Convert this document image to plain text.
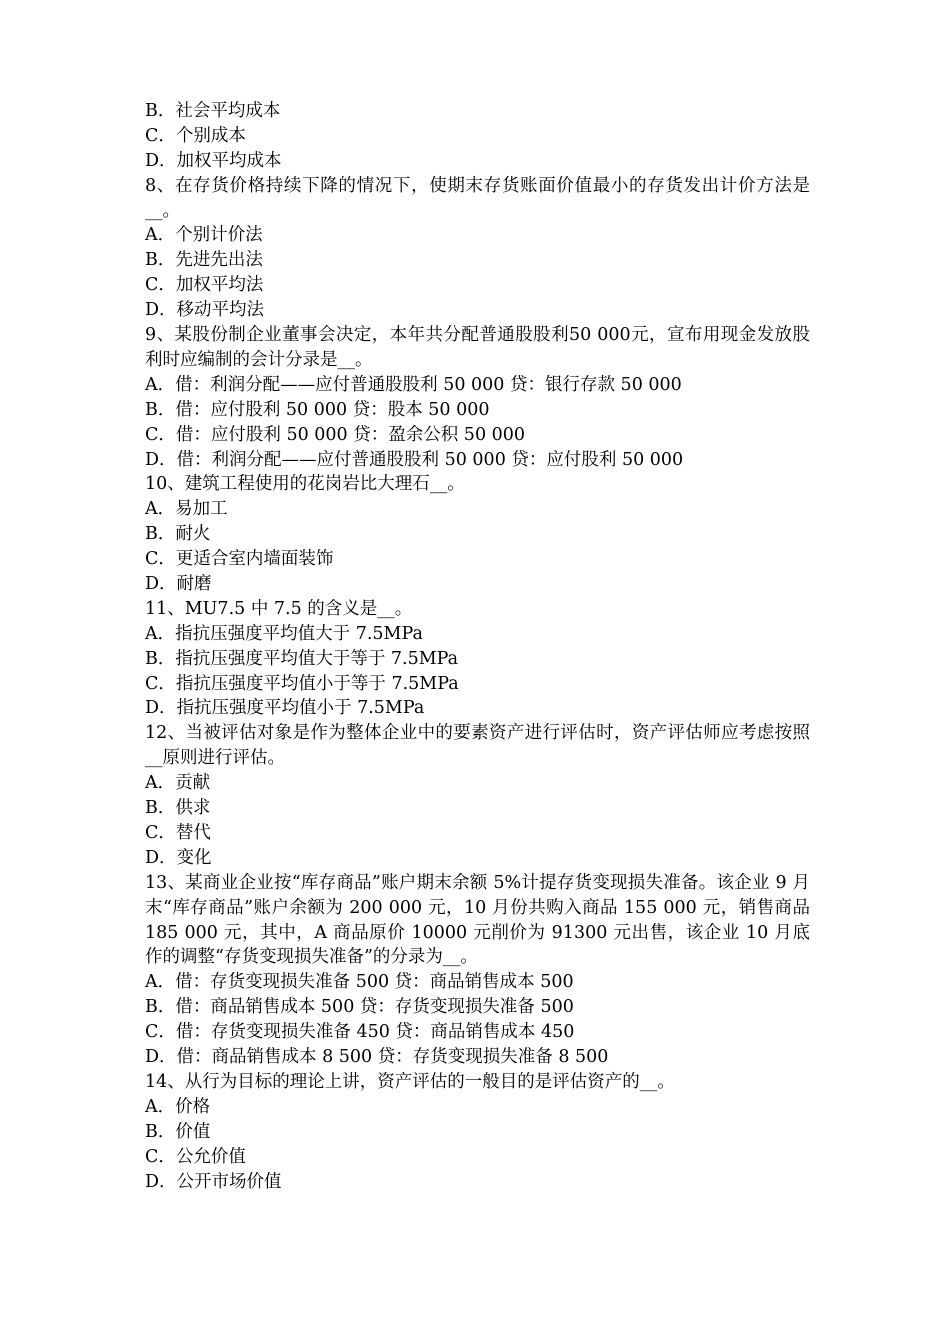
B．社会平均成本
C．个别成本
D．加权平均成本
8、在存货价格持续下降的情况下，使期末存货账面价值最小的存货发出计价方法是__。
A．个别计价法
B．先进先出法
C．加权平均法
D．移动平均法
9、某股份制企业董事会决定，本年共分配普通股股利50 000元，宣布用现金发放股利时应编制的会计分录是__。
A．借：利润分配——应付普通股股利 50 000 贷：银行存款 50 000
B．借：应付股利 50 000 贷：股本 50 000
C．借：应付股利 50 000 贷：盈余公积 50 000
D．借：利润分配——应付普通股股利 50 000 贷：应付股利 50 000
10、建筑工程使用的花岗岩比大理石__。
A．易加工
B．耐火
C．更适合室内墙面装饰
D．耐磨
11、MU7.5 中 7.5 的含义是__。
A．指抗压强度平均值大于 7.5MPa
B．指抗压强度平均值大于等于 7.5MPa
C．指抗压强度平均值小于等于 7.5MPa
D．指抗压强度平均值小于 7.5MPa
12、当被评估对象是作为整体企业中的要素资产进行评估时，资产评估师应考虑按照__原则进行评估。
A．贡献
B．供求
C．替代
D．变化
13、某商业企业按“库存商品”账户期末余额 5%计提存货变现损失准备。该企业 9 月末“库存商品”账户余额为 200 000 元，10 月份共购入商品 155 000 元，销售商品 185 000 元，其中，A 商品原价 10000 元削价为 91300 元出售，该企业 10 月底作的调整“存货变现损失准备”的分录为__。
A．借：存货变现损失准备 500 贷：商品销售成本 500
B．借：商品销售成本 500 贷：存货变现损失准备 500
C．借：存货变现损失准备 450 贷：商品销售成本 450
D．借：商品销售成本 8 500 贷：存货变现损失准备 8 500
14、从行为目标的理论上讲，资产评估的一般目的是评估资产的__。
A．价格
B．价值
C．公允价值
D．公开市场价值
